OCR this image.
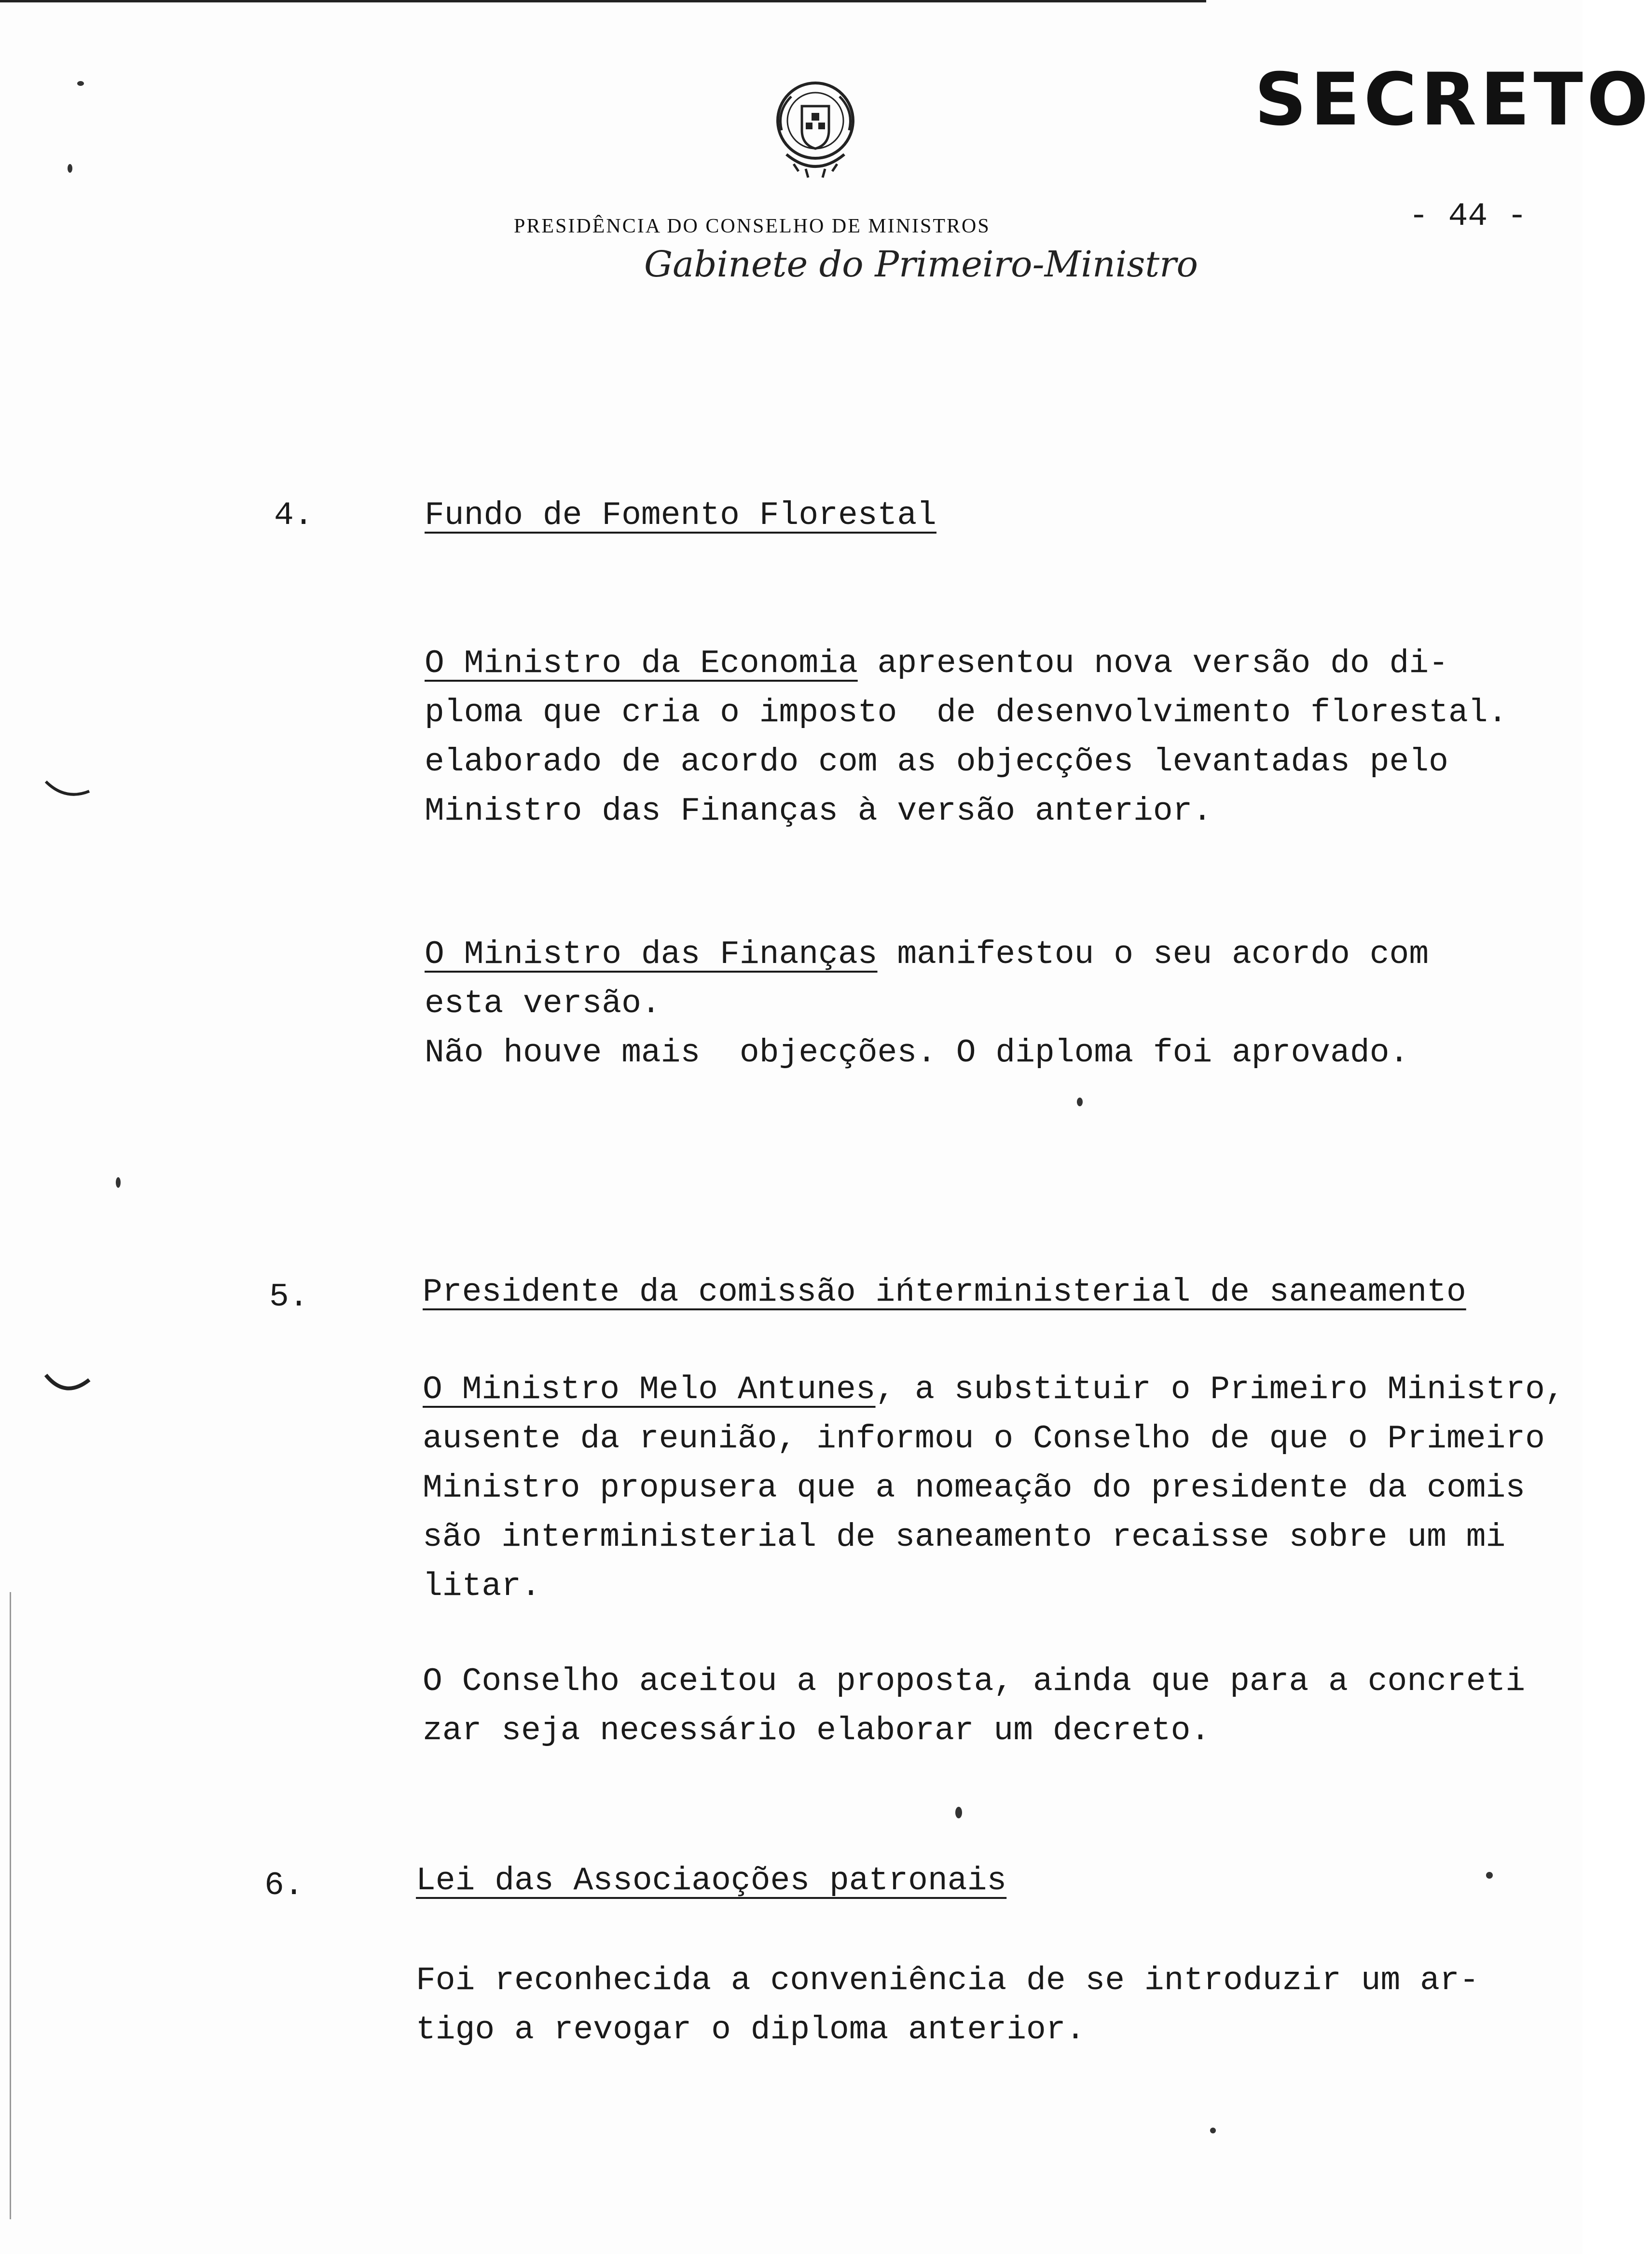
SECRETO
- 44 -
PRESIDÊNCIA DO CONSELHO DE MINISTROS
Gabinete do Primeiro-Ministro
4.	Fundo de Fomento Florestal
O Ministro da Economia apresentou nova versão do di-
ploma que cria o imposto  de desenvolvimento florestal.
elaborado de acordo com as objecções levantadas pelo
Ministro das Finanças à versão anterior.
O Ministro das Finanças manifestou o seu acordo com
esta versão.
Não houve mais  objecções. O diploma foi aprovado.
5.	Presidente da comissão ińterministerial de saneamento
O Ministro Melo Antunes, a substituir o Primeiro Ministro,
ausente da reunião, informou o Conselho de que o Primeiro
Ministro propusera que a nomeação do presidente da comis
são interministerial de saneamento recaisse sobre um mi
litar.
O Conselho aceitou a proposta, ainda que para a concreti
zar seja necessário elaborar um decreto.
6.	Lei das Associaoções patronais
Foi reconhecida a conveniência de se introduzir um ar-
tigo a revogar o diploma anterior.
